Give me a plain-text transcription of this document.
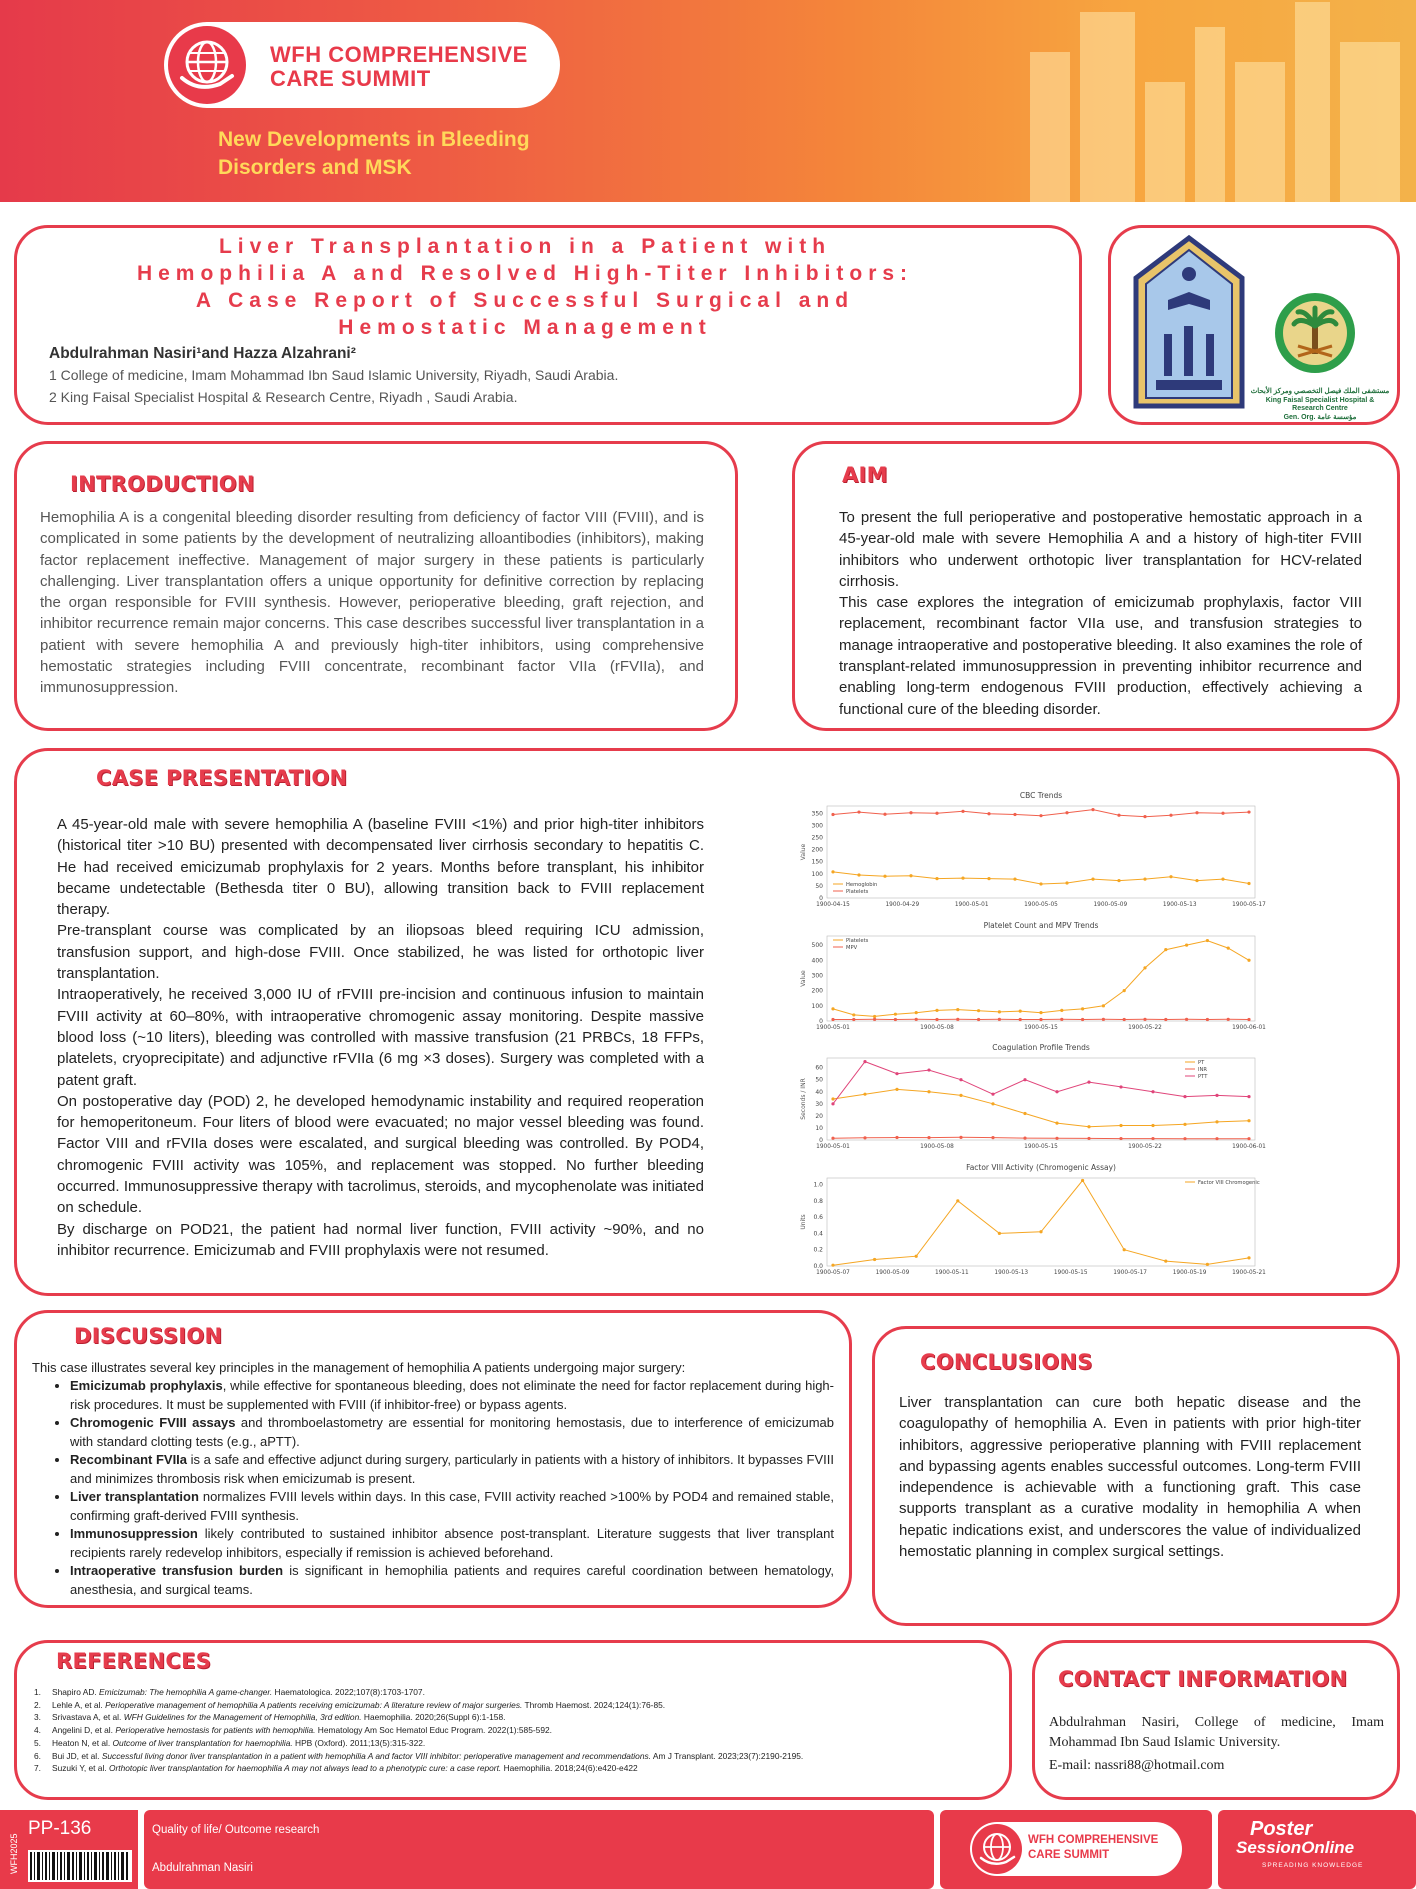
WFH COMPREHENSIVE
CARE SUMMIT
New Developments in Bleeding
Disorders and MSK
Liver Transplantation in a Patient with
Hemophilia A and Resolved High-Titer Inhibitors:
A Case Report of Successful Surgical and
Hemostatic Management
Abdulrahman Nasiri¹and Hazza Alzahrani²
1 College of medicine, Imam Mohammad Ibn Saud Islamic University, Riyadh, Saudi Arabia.
2 King Faisal Specialist Hospital & Research Centre, Riyadh , Saudi Arabia.	مستشفى الملك فيصل التخصصي ومركز الأبحاث
King Faisal Specialist Hospital & Research Centre
Gen. Org. مؤسسة عامة
INTRODUCTION
Hemophilia A is a congenital bleeding disorder resulting from deficiency of factor VIII (FVIII), and is complicated in some patients by the development of neutralizing alloantibodies (inhibitors), making factor replacement ineffective. Management of major surgery in these patients is particularly challenging. Liver transplantation offers a unique opportunity for definitive correction by replacing the organ responsible for FVIII synthesis. However, perioperative bleeding, graft rejection, and inhibitor recurrence remain major concerns. This case describes successful liver transplantation in a patient with severe hemophilia A and previously high-titer inhibitors, using comprehensive hemostatic strategies including FVIII concentrate, recombinant factor VIIa (rFVIIa), and immunosuppression.
AIM
To present the full perioperative and postoperative hemostatic approach in a 45-year-old male with severe Hemophilia A and a history of high-titer FVIII inhibitors who underwent orthotopic liver transplantation for HCV-related cirrhosis.
This case explores the integration of emicizumab prophylaxis, factor VIII replacement, recombinant factor VIIa use, and transfusion strategies to manage intraoperative and postoperative bleeding. It also examines the role of transplant-related immunosuppression in preventing inhibitor recurrence and enabling long-term endogenous FVIII production, effectively achieving a functional cure of the bleeding disorder.
CASE PRESENTATION
A 45-year-old male with severe hemophilia A (baseline FVIII <1%) and prior high-titer inhibitors (historical titer >10 BU) presented with decompensated liver cirrhosis secondary to hepatitis C. He had received emicizumab prophylaxis for 2 years. Months before transplant, his inhibitor became undetectable (Bethesda titer 0 BU), allowing transition back to FVIII replacement therapy.
Pre-transplant course was complicated by an iliopsoas bleed requiring ICU admission, transfusion support, and high-dose FVIII. Once stabilized, he was listed for orthotopic liver transplantation.
Intraoperatively, he received 3,000 IU of rFVIII pre-incision and continuous infusion to maintain FVIII activity at 60–80%, with intraoperative chromogenic assay monitoring. Despite massive blood loss (~10 liters), bleeding was controlled with massive transfusion (21 PRBCs, 18 FFPs, platelets, cryoprecipitate) and adjunctive rFVIIa (6 mg ×3 doses). Surgery was completed with a patent graft.
On postoperative day (POD) 2, he developed hemodynamic instability and required reoperation for hemoperitoneum. Four liters of blood were evacuated; no major vessel bleeding was found. Factor VIII and rFVIIa doses were escalated, and surgical bleeding was controlled. By POD4, chromogenic FVIII activity was 105%, and replacement was stopped. No further bleeding occurred. Immunosuppressive therapy with tacrolimus, steroids, and mycophenolate was initiated on schedule.
By discharge on POD21, the patient had normal liver function, FVIII activity ~90%, and no inhibitor recurrence. Emicizumab and FVIII prophylaxis were not resumed.
CBC Trends
Value
0
50
100
150
200
250
300
350
1900-04-15	1900-04-29	1900-05-01	1900-05-05	1900-05-09	1900-05-13	1900-05-17
Hemoglobin
Platelets
Platelet Count and MPV Trends
Value
0
100
200
300
400
500
1900-05-01	1900-05-08	1900-05-15	1900-05-22	1900-06-01
Platelets
MPV
Coagulation Profile Trends
Seconds / INR
0
10
20
30
40
50
60
1900-05-01	1900-05-08	1900-05-15	1900-05-22	1900-06-01
PT
INR
PTT
Factor VIII Activity (Chromogenic Assay)
Units
0.0
0.2
0.4
0.6
0.8
1.0
1900-05-07	1900-05-09	1900-05-11	1900-05-13	1900-05-15	1900-05-17	1900-05-19	1900-05-21
Factor VIII Chromogenic
DISCUSSION
This case illustrates several key principles in the management of hemophilia A patients undergoing major surgery:
• Emicizumab prophylaxis, while effective for spontaneous bleeding, does not eliminate the need for factor replacement during high-risk procedures. It must be supplemented with FVIII (if inhibitor-free) or bypass agents.
• Chromogenic FVIII assays and thromboelastometry are essential for monitoring hemostasis, due to interference of emicizumab with standard clotting tests (e.g., aPTT).
• Recombinant FVIIa is a safe and effective adjunct during surgery, particularly in patients with a history of inhibitors. It bypasses FVIII and minimizes thrombosis risk when emicizumab is present.
• Liver transplantation normalizes FVIII levels within days. In this case, FVIII activity reached >100% by POD4 and remained stable, confirming graft-derived FVIII synthesis.
• Immunosuppression likely contributed to sustained inhibitor absence post-transplant. Literature suggests that liver transplant recipients rarely redevelop inhibitors, especially if remission is achieved beforehand.
• Intraoperative transfusion burden is significant in hemophilia patients and requires careful coordination between hematology, anesthesia, and surgical teams.
CONCLUSIONS
Liver transplantation can cure both hepatic disease and the coagulopathy of hemophilia A. Even in patients with prior high-titer inhibitors, aggressive perioperative planning with FVIII replacement and bypassing agents enables successful outcomes. Long-term FVIII independence is achievable with a functioning graft. This case supports transplant as a curative modality in hemophilia A when hepatic indications exist, and underscores the value of individualized hemostatic planning in complex surgical settings.
REFERENCES
1. Shapiro AD. Emicizumab: The hemophilia A game-changer. Haematologica. 2022;107(8):1703-1707.
2. Lehle A, et al. Perioperative management of hemophilia A patients receiving emicizumab: A literature review of major surgeries. Thromb Haemost. 2024;124(1):76-85.
3. Srivastava A, et al. WFH Guidelines for the Management of Hemophilia, 3rd edition. Haemophilia. 2020;26(Suppl 6):1-158.
4. Angelini D, et al. Perioperative hemostasis for patients with hemophilia. Hematology Am Soc Hematol Educ Program. 2022(1):585-592.
5. Heaton N, et al. Outcome of liver transplantation for haemophilia. HPB (Oxford). 2011;13(5):315-322.
6. Bui JD, et al. Successful living donor liver transplantation in a patient with hemophilia A and factor VIII inhibitor: perioperative management and recommendations. Am J Transplant. 2023;23(7):2190-2195.
7. Suzuki Y, et al. Orthotopic liver transplantation for haemophilia A may not always lead to a phenotypic cure: a case report. Haemophilia. 2018;24(6):e420-e422
CONTACT INFORMATION
Abdulrahman Nasiri, College of medicine, Imam Mohammad Ibn Saud Islamic University.
E-mail: nassri88@hotmail.com
WFH2025
PP-136	Quality of life/ Outcome research
Abdulrahman Nasiri
WFH COMPREHENSIVE
CARE SUMMIT
Poster
SessionOnline
SPREADING KNOWLEDGE
